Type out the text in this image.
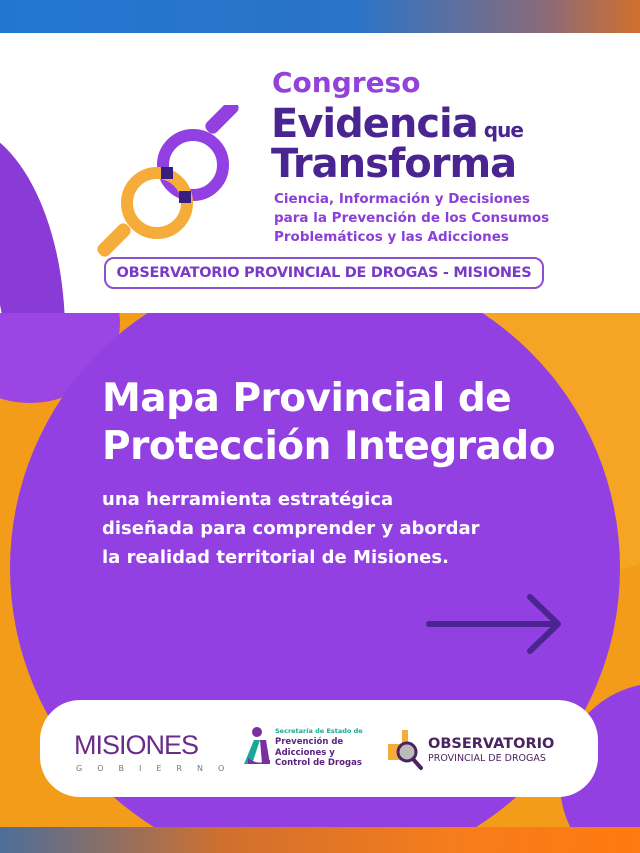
Congreso
Evidencia que
Transforma
Ciencia, Información y Decisiones
para la Prevención de los Consumos
Problemáticos y las Adicciones
OBSERVATORIO PROVINCIAL DE DROGAS - MISIONES
Mapa Provincial de
Protección Integrado
una herramienta estratégica
diseñada para comprender y abordar
la realidad territorial de Misiones.
MISIONES
GOBIERNO
Secretaría de Estado de
Prevención de
Adicciones y
Control de Drogas
OBSERVATORIO
PROVINCIAL DE DROGAS
